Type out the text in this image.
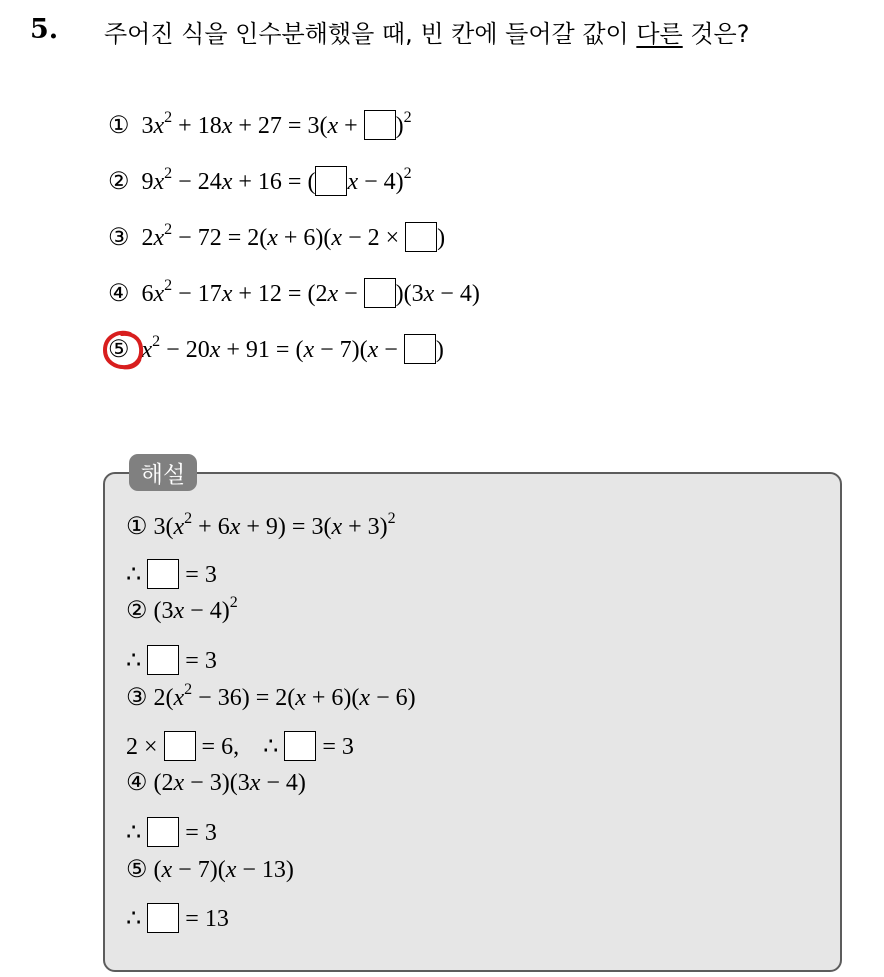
5. 주어진 식을 인수분해했을 때, 빈 칸에 들어갈 값이 다른 것은?
① $3x^2 + 18x + 27 = 3(x + )^2$
② $9x^2 - 24x + 16$ = ( x − 4)$^2$
③ $2x^2 - 72 = 2(x + 6)(x - 2$ × )
④ $6x^2 - 17x + 12 = (2x - )(3x - 4)$
⑤ $x^2 - 20x + 91 = (x - 7)(x$ − )
해설
① $3(x^2 + 6x + 9) = 3(x + 3)^2$
∴ = 3
② $(3x - 4)^2$
∴ = 3
③ $2(x^2 - 36) = 2(x + 6)(x - 6)$
2 ×  = 6,    ∴ = 3
④ (2x − 3)(3x − 4)
∴ = 3
⑤ (x − 7)(x − 13)
∴ = 13
